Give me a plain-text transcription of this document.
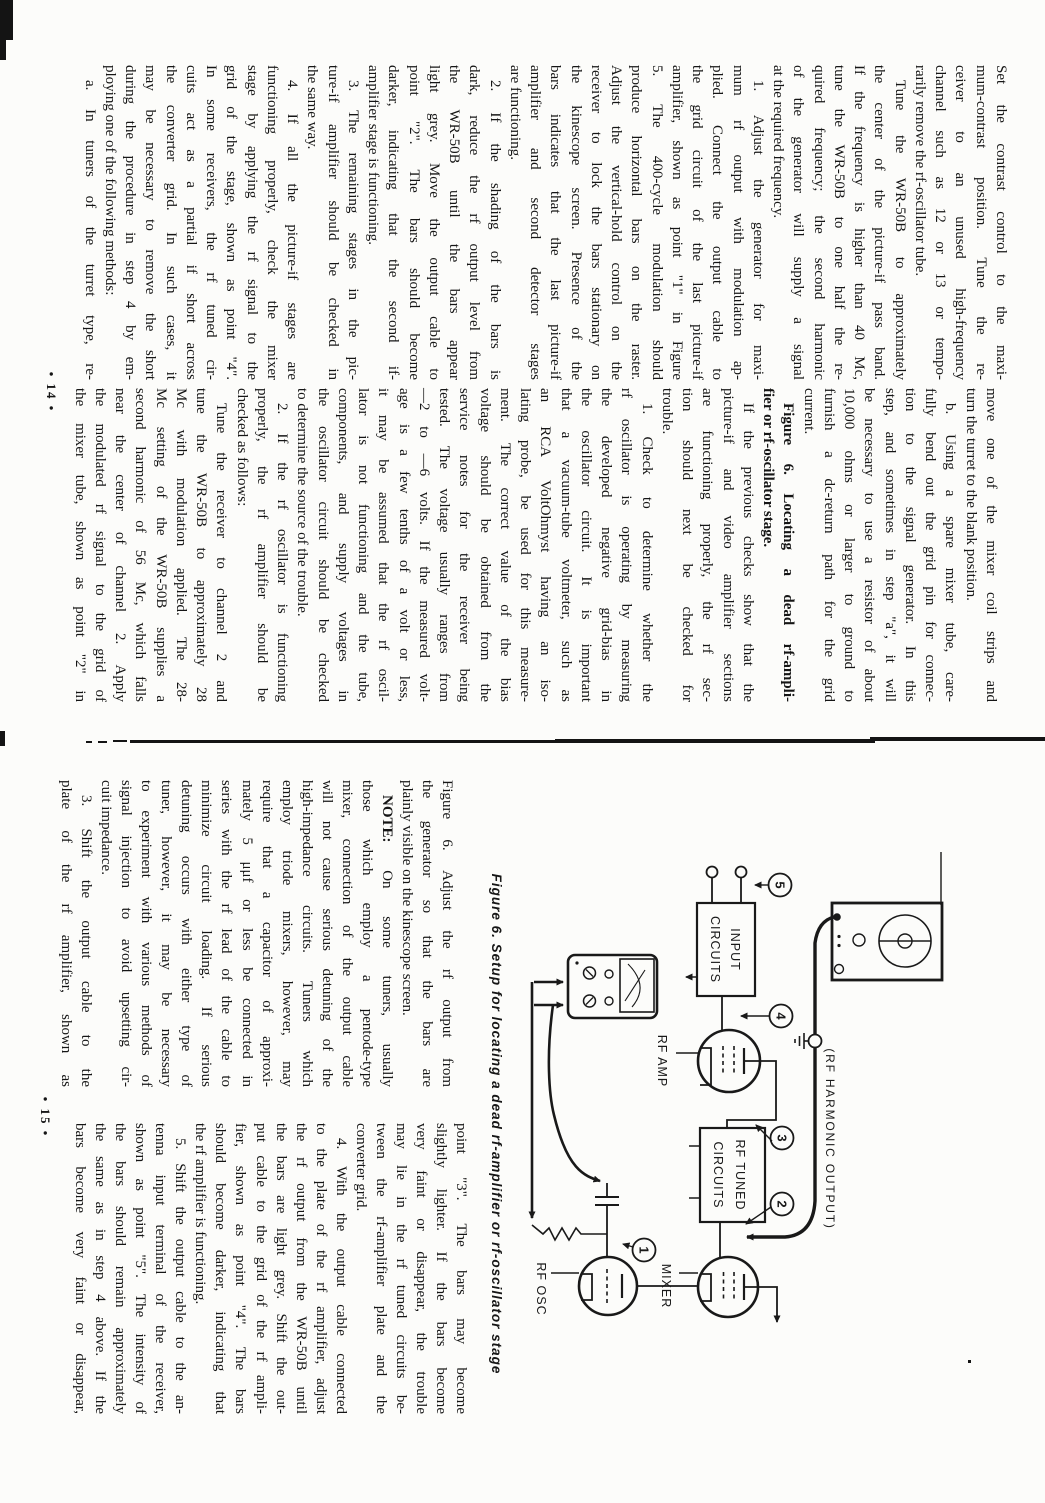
Set the contrast control to the maxi-
mum-contrast position. Tune the re-
ceiver to an unused high-frequency
channel such as 12 or 13 or tempo-
rarily remove the rf-oscillator tube.
Tune the WR-50B to approximately
the center of the picture-if pass band.
If the frequency is higher than 40 Mc,
tune the WR-50B to one half the re-
quired frequency; the second harmonic
of the generator will supply a signal
at the required frequency.
1. Adjust the generator for maxi-
mum rf output with modulation ap-
plied. Connect the output cable to
the grid circuit of the last picture-if
amplifier, shown as point "1" in Figure
5. The 400-cycle modulation should
produce horizontal bars on the raster.
Adjust the vertical-hold control on the
receiver to lock the bars stationary on
the kinescope screen. Presence of the
bars indicates that the last picture-if
amplifier and second detector stages
are functioning.
2. If the shading of the bars is
dark, reduce the rf output level from
the WR-50B until the bars appear
light grey. Move the output cable to
point "2". The bars should become
darker, indicating that the second if-
amplifier stage is functioning.
3. The remaining stages in the pic-
ture-if amplifier should be checked in
the same way.
4. If all the picture-if stages are
functioning properly, check the mixer
stage by applying the rf signal to the
grid of the stage, shown as point "4".
In some receivers, the rf tuned cir-
cuits act as a partial if short across
the converter grid. In such cases, it
may be necessary to remove the short
during the procedure in step 4 by em-
ploying one of the following methods:
a. In tuners of the turret type, re-
move one of the mixer coil strips and
turn the turret to the blank position.
b. Using a spare mixer tube, care-
fully bend out the grid pin for connec-
tion to the signal generator. In this
step, and sometimes in step "a", it will
be necessary to use a resistor of about
10,000 ohms or larger to ground to
furnish a dc-return path for the grid
current.
Figure 6. Locating a dead rf-ampli-
fier or rf-oscillator stage.
If the previous checks show that the
picture-if and video amplifier sections
are functioning properly, the rf sec-
tion should next be checked for
trouble.
1. Check to determine whether the
rf oscillator is operating by measuring
the developed negative grid-bias in
the oscillator circuit. It is important
that a vacuum-tube voltmeter, such as
an RCA VoltOhmyst having an iso-
lating probe, be used for this measure-
ment. The correct value of the bias
voltage should be obtained from the
service notes for the receiver being
tested. The voltage usually ranges from
—2 to —6 volts. If the measured volt-
age is a few tenths of a volt or less,
it may be assumed that the rf oscil-
lator is not functioning and the tube,
components, and supply voltages in
the oscillator circuit should be checked
to determine the source of the trouble.
2. If the rf oscillator is functioning
properly, the rf amplifier should be
checked as follows:
Tune the receiver to channel 2 and
tune the WR-50B to approximately 28
Mc with modulation applied. The 28-
Mc setting of the WR-50B supplies a
second harmonic of 56 Mc, which falls
near the center of channel 2. Apply
the modulated rf signal to the grid of
the mixer tube, shown as point "2" in
• 14 •
(RF HARMONIC OUTPUT)
5
INPUT
CIRCUITS
4
RF AMP
3
RF TUNED
CIRCUITS	2
MIXER
RF OSC
1
Figure 6. Setup for locating a dead rf-amplifier or rf-oscillator stage
Figure 6. Adjust the rf output from
the generator so that the bars are
plainly visible on the kinescope screen.
NOTE: On some tuners, usually
those which employ a pentode-type
mixer, connection of the output cable
will not cause serious detuning of the
high-impedance circuits. Tuners which
employ triode mixers, however, may
require that a capacitor of approxi-
mately 5 μμf or less be connected in
series with the rf lead of the cable to
minimize circuit loading. If serious
detuning occurs with either type of
tuner, however, it may be necessary
to experiment with various methods of
signal injection to avoid upsetting cir-
cuit impedance.
3. Shift the output cable to the
plate of the rf amplifier, shown as
point "3". The bars may become
slightly lighter. If the bars become
very faint or disappear, the trouble
may lie in the rf tuned circuits be-
tween the rf-amplifier plate and the
converter grid.
4. With the output cable connected
to the plate of the rf amplifier, adjust
the rf output from the WR-50B until
the bars are light grey. Shift the out-
put cable to the grid of the rf ampli-
fier, shown as point "4". The bars
should become darker, indicating that
the rf amplifier is functioning.
5. Shift the output cable to the an-
tenna input terminal of the receiver,
shown as point "5". The intensity of
the bars should remain approximately
the same as in step 4 above. If the
bars become very faint or disappear,
• 15 •
